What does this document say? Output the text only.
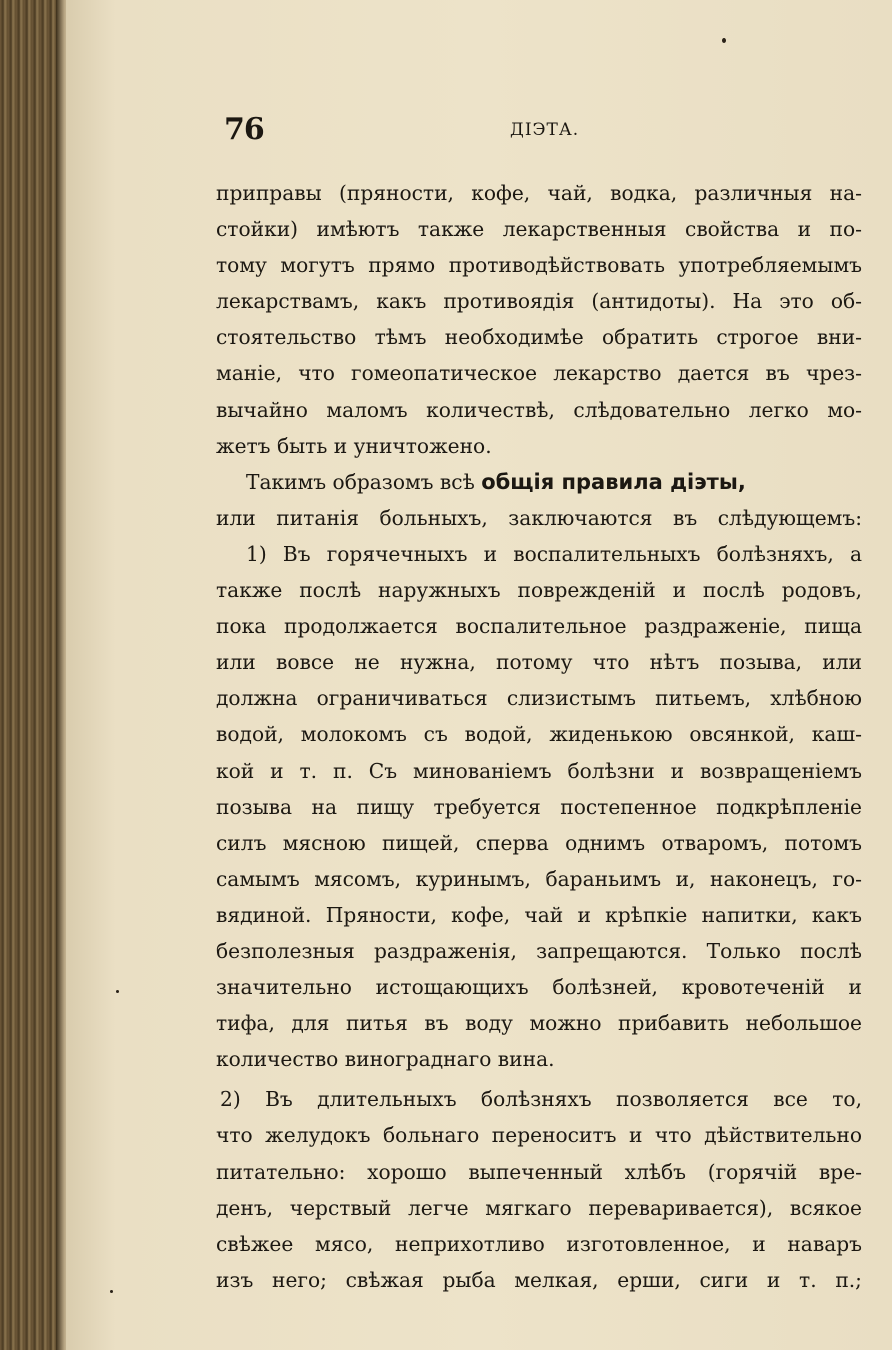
76	ДІЭТА.
приправы (пряности, кофе, чай, водка, различныя на-
стойки) имѣютъ также лекарственныя свойства и по-
тому могутъ прямо противодѣйствовать употребляемымъ
лекарствамъ, какъ противоядія (антидоты). На это об-
стоятельство тѣмъ необходимѣе обратить строгое вни-
маніе, что гомеопатическое лекарство дается въ чрез-
вычайно маломъ количествѣ, слѣдовательно легко мо-
жетъ быть и уничтожено.
Такимъ образомъ всѣ общія правила діэты,
или питанія больныхъ, заключаются въ слѣдующемъ:
1) Въ горячечныхъ и воспалительныхъ болѣзняхъ, а
также послѣ наружныхъ поврежденій и послѣ родовъ,
пока продолжается воспалительное раздраженіе, пища
или вовсе не нужна, потому что нѣтъ позыва, или
должна ограничиваться слизистымъ питьемъ, хлѣбною
водой, молокомъ съ водой, жиденькою овсянкой, каш-
кой и т. п. Съ минованіемъ болѣзни и возвращеніемъ
позыва на пищу требуется постепенное подкрѣпленіе
силъ мясною пищей, сперва однимъ отваромъ, потомъ
самымъ мясомъ, куринымъ, бараньимъ и, наконецъ, го-
вядиной. Пряности, кофе, чай и крѣпкіе напитки, какъ
безполезныя раздраженія, запрещаются. Только послѣ
значительно истощающихъ болѣзней, кровотеченій и
тифа, для питья въ воду можно прибавить небольшое
количество винограднаго вина.
2) Въ длительныхъ болѣзняхъ позволяется все то,
что желудокъ больнаго переноситъ и что дѣйствительно
питательно: хорошо выпеченный хлѣбъ (горячій вре-
денъ, черствый легче мягкаго переваривается), всякое
свѣжее мясо, неприхотливо изготовленное, и наваръ
изъ него; свѣжая рыба мелкая, ерши, сиги и т. п.;
